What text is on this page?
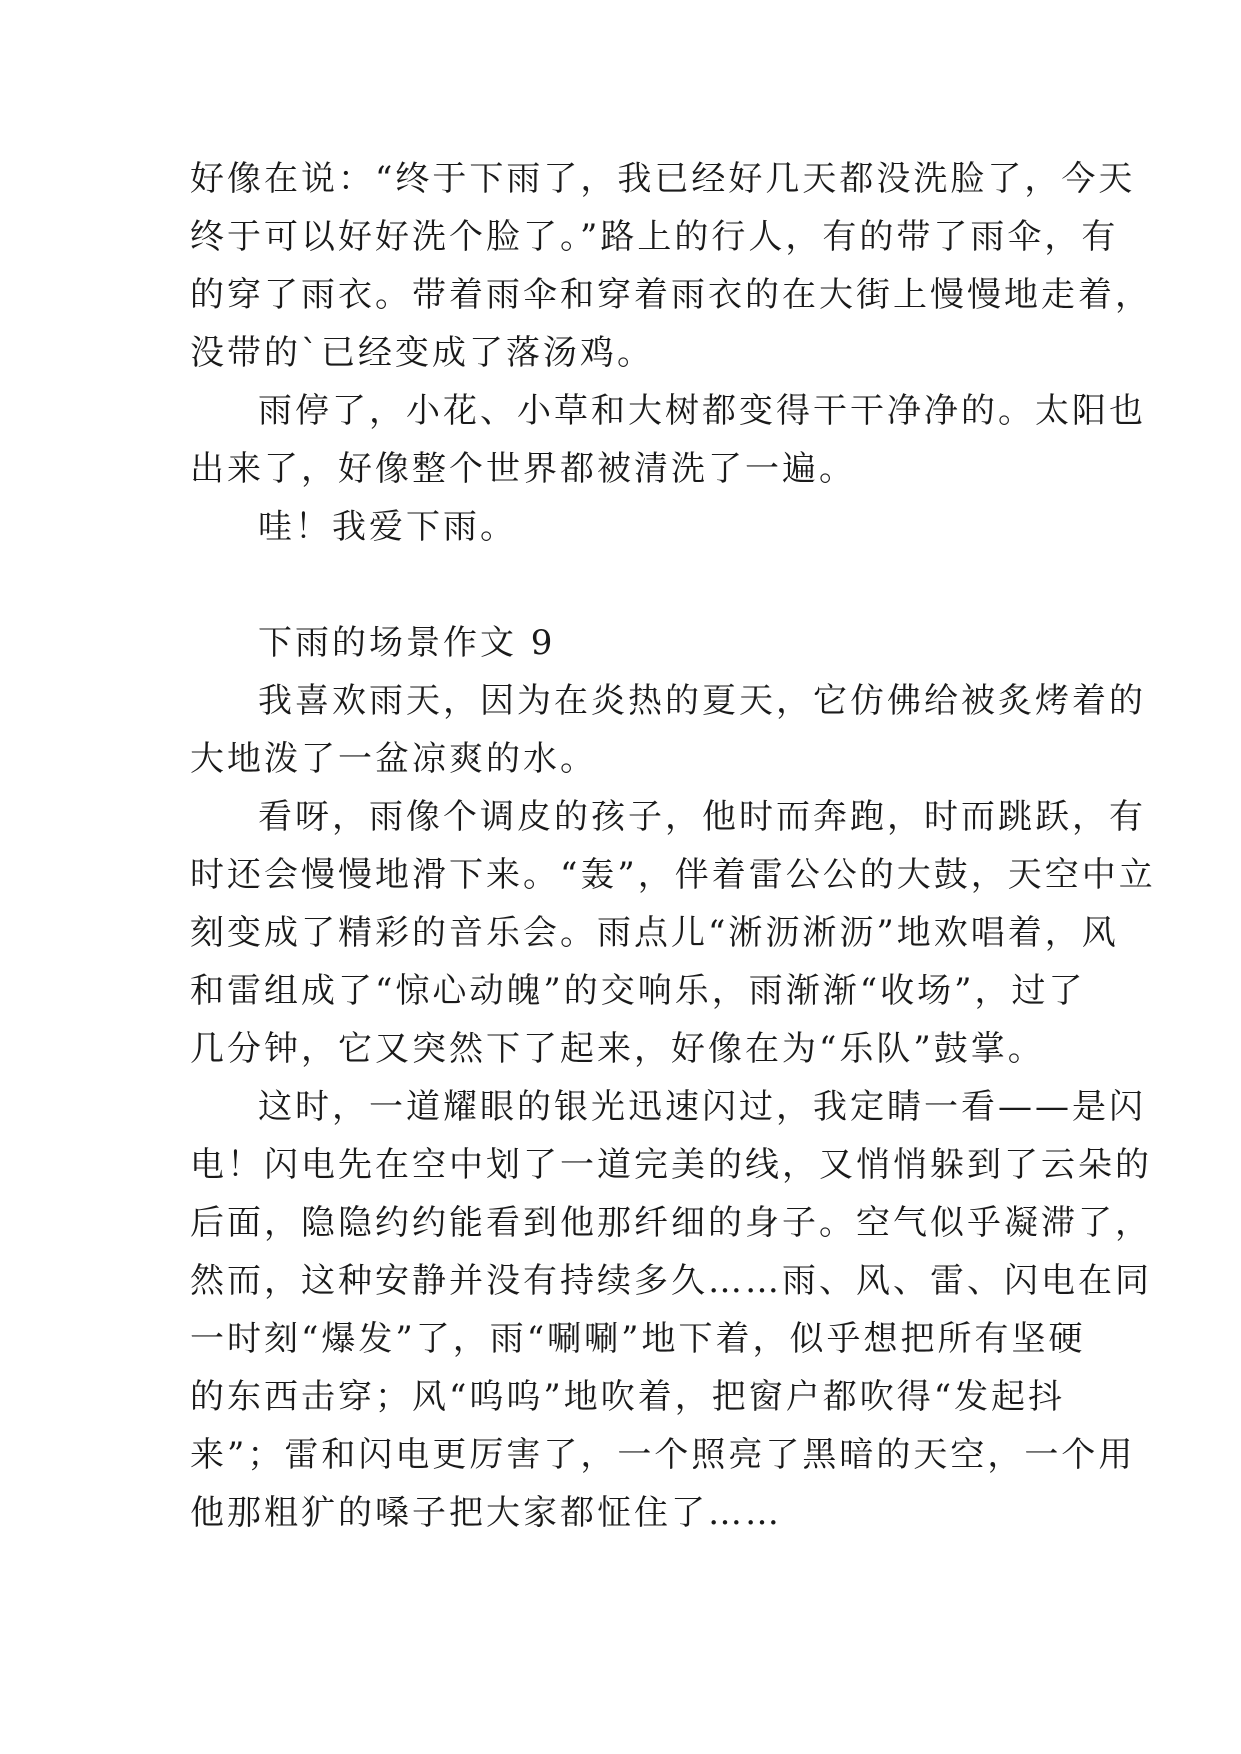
好像在说：“终于下雨了，我已经好几天都没洗脸了，今天
终于可以好好洗个脸了。”路上的行人，有的带了雨伞，有
的穿了雨衣。带着雨伞和穿着雨衣的在大街上慢慢地走着，
没带的`已经变成了落汤鸡。
雨停了，小花、小草和大树都变得干干净净的。太阳也
出来了，好像整个世界都被清洗了一遍。
哇！我爱下雨。
下雨的场景作文 9
我喜欢雨天，因为在炎热的夏天，它仿佛给被炙烤着的
大地泼了一盆凉爽的水。
看呀，雨像个调皮的孩子，他时而奔跑，时而跳跃，有
时还会慢慢地滑下来。“轰”，伴着雷公公的大鼓，天空中立
刻变成了精彩的音乐会。雨点儿“淅沥淅沥”地欢唱着，风
和雷组成了“惊心动魄”的交响乐，雨渐渐“收场”，过了
几分钟，它又突然下了起来，好像在为“乐队”鼓掌。
这时，一道耀眼的银光迅速闪过，我定睛一看——是闪
电！闪电先在空中划了一道完美的线，又悄悄躲到了云朵的
后面，隐隐约约能看到他那纤细的身子。空气似乎凝滞了，
然而，这种安静并没有持续多久……雨、风、雷、闪电在同
一时刻“爆发”了，雨“唰唰”地下着，似乎想把所有坚硬
的东西击穿；风“呜呜”地吹着，把窗户都吹得“发起抖
来”；雷和闪电更厉害了，一个照亮了黑暗的天空，一个用
他那粗犷的嗓子把大家都怔住了……
